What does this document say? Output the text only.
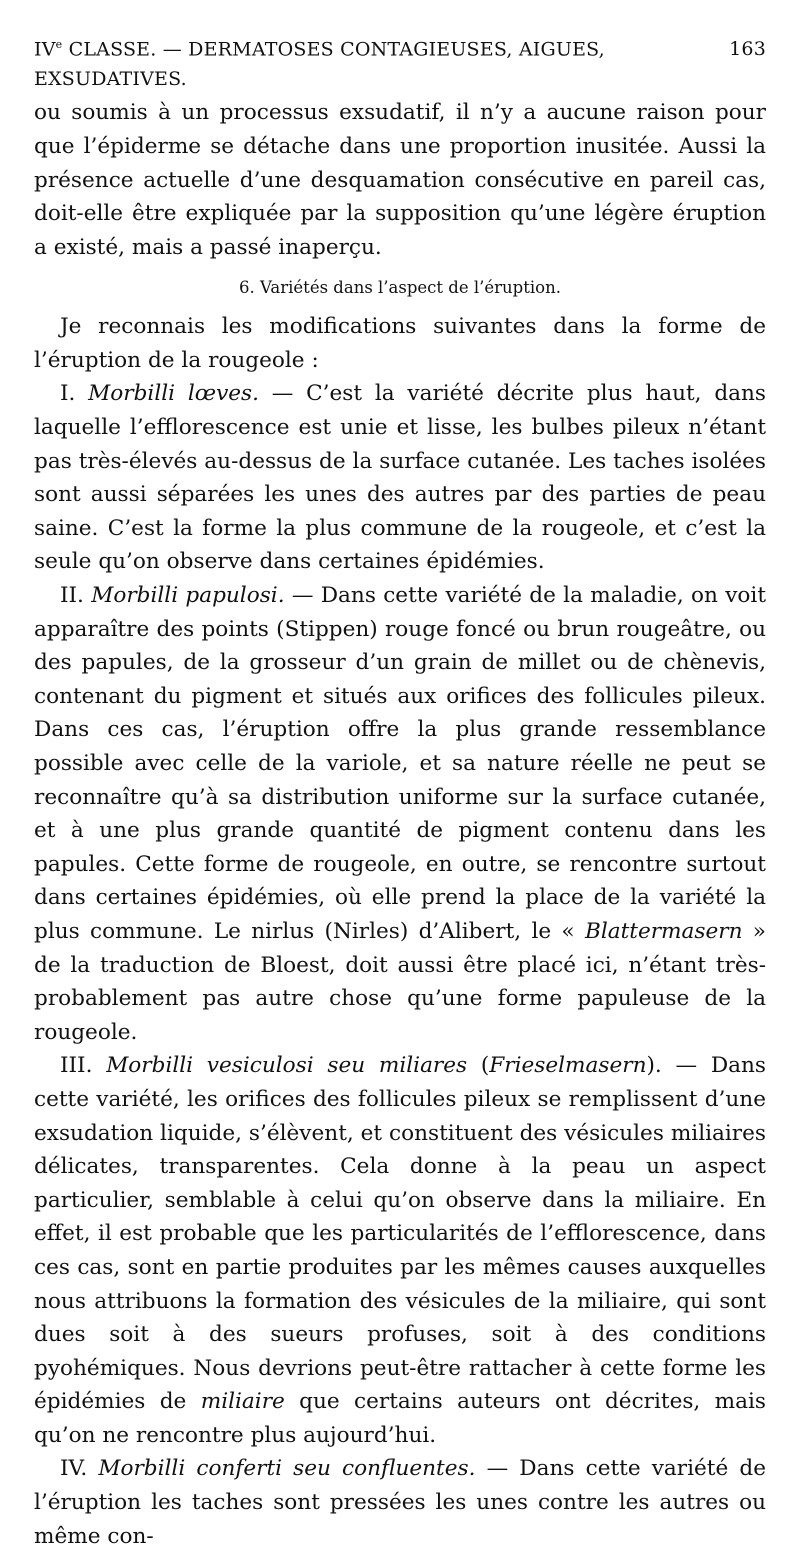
IVe CLASSE. — DERMATOSES CONTAGIEUSES, AIGUES, EXSUDATIVES.
163

ou soumis à un processus exsudatif, il n’y a aucune raison pour que l’épiderme se détache dans une proportion inusitée. Aussi la présence actuelle d’une desquamation consécutive en pareil cas, doit-elle être expliquée par la supposition qu’une légère éruption a existé, mais a passé inaperçu.

6. Variétés dans l’aspect de l’éruption.

Je reconnais les modifications suivantes dans la forme de l’éruption de la rougeole :

I. Morbilli lœves. — C’est la variété décrite plus haut, dans laquelle l’efflorescence est unie et lisse, les bulbes pileux n’étant pas très-élevés au-dessus de la surface cutanée. Les taches isolées sont aussi séparées les unes des autres par des parties de peau saine. C’est la forme la plus commune de la rougeole, et c’est la seule qu’on observe dans certaines épidémies.

II. Morbilli papulosi. — Dans cette variété de la maladie, on voit apparaître des points (Stippen) rouge foncé ou brun rougeâtre, ou des papules, de la grosseur d’un grain de millet ou de chènevis, contenant du pigment et situés aux orifices des follicules pileux. Dans ces cas, l’éruption offre la plus grande ressemblance possible avec celle de la variole, et sa nature réelle ne peut se reconnaître qu’à sa distribution uniforme sur la surface cutanée, et à une plus grande quantité de pigment contenu dans les papules. Cette forme de rougeole, en outre, se rencontre surtout dans certaines épidémies, où elle prend la place de la variété la plus commune. Le nirlus (Nirles) d’Alibert, le « Blattermasern » de la traduction de Bloest, doit aussi être placé ici, n’étant très-probablement pas autre chose qu’une forme papuleuse de la rougeole.

III. Morbilli vesiculosi seu miliares (Frieselmasern). — Dans cette variété, les orifices des follicules pileux se remplissent d’une exsudation liquide, s’élèvent, et constituent des vésicules miliaires délicates, transparentes. Cela donne à la peau un aspect particulier, semblable à celui qu’on observe dans la miliaire. En effet, il est probable que les particularités de l’efflorescence, dans ces cas, sont en partie produites par les mêmes causes auxquelles nous attribuons la formation des vésicules de la miliaire, qui sont dues soit à des sueurs profuses, soit à des conditions pyohémiques. Nous devrions peut-être rattacher à cette forme les épidémies de miliaire que certains auteurs ont décrites, mais qu’on ne rencontre plus aujourd’hui.

IV. Morbilli conferti seu confluentes. — Dans cette variété de l’éruption les taches sont pressées les unes contre les autres ou même con-
